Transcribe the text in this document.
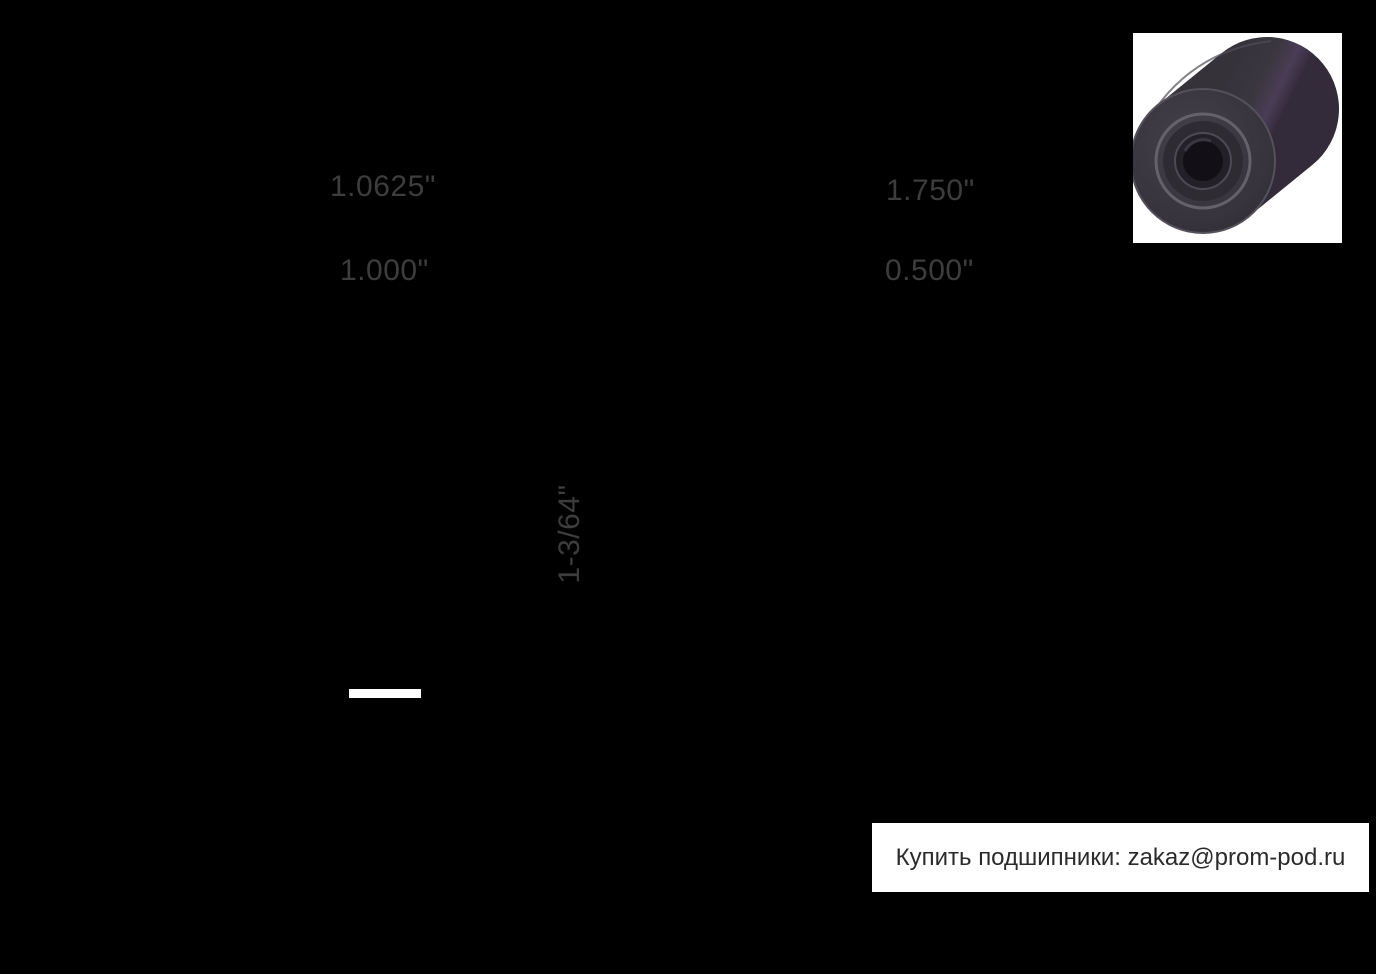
1.0625"	1.750"
1.000"	0.500"
1-3/64"
Купить подшипники: zakaz@prom-pod.ru
